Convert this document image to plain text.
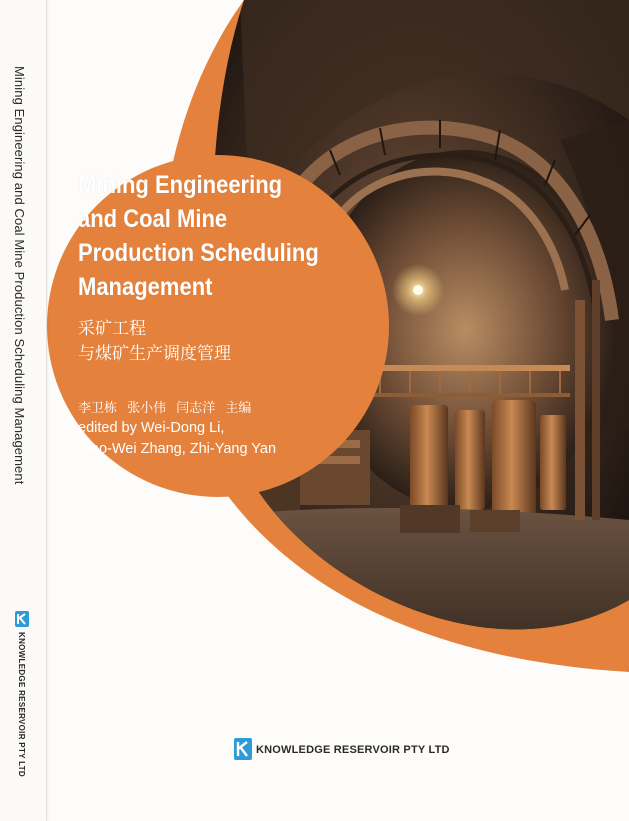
Mining Engineering and Coal Mine Production Scheduling Management
KNOWLEDGE RESERVOIR PTY LTD
Mining Engineering
and Coal Mine
Production Scheduling
Management
采矿工程
与煤矿生产调度管理
李卫栋 张小伟 闫志洋 主编
edited by Wei-Dong Li,
Xiao-Wei Zhang, Zhi-Yang Yan
KNOWLEDGE RESERVOIR PTY LTD
